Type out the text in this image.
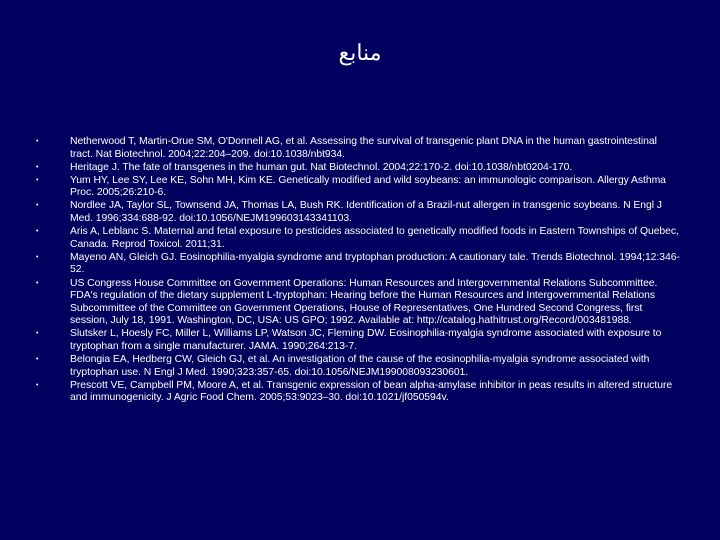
منابع
•	Netherwood T, Martin-Orue SM, O'Donnell AG, et al. Assessing the survival of transgenic plant DNA in the human gastrointestinal tract. Nat Biotechnol. 2004;22:204–209. doi:10.1038/nbt934.
•	Heritage J. The fate of transgenes in the human gut. Nat Biotechnol. 2004;22:170-2. doi:10.1038/nbt0204-170.
•	Yum HY, Lee SY, Lee KE, Sohn MH, Kim KE. Genetically modified and wild soybeans: an immunologic comparison. Allergy Asthma Proc. 2005;26:210-6.
•	Nordlee JA, Taylor SL, Townsend JA, Thomas LA, Bush RK. Identification of a Brazil-nut allergen in transgenic soybeans. N Engl J Med. 1996;334:688-92. doi:10.1056/NEJM199603143341103.
•	Aris A, Leblanc S. Maternal and fetal exposure to pesticides associated to genetically modified foods in Eastern Townships of Quebec, Canada. Reprod Toxicol. 2011;31.
•	Mayeno AN, Gleich GJ. Eosinophilia-myalgia syndrome and tryptophan production: A cautionary tale. Trends Biotechnol. 1994;12:346-52.
•	US Congress House Committee on Government Operations: Human Resources and Intergovernmental Relations Subcommittee. FDA's regulation of the dietary supplement L-tryptophan: Hearing before the Human Resources and Intergovernmental Relations Subcommittee of the Committee on Government Operations, House of Representatives, One Hundred Second Congress, first session, July 18, 1991. Washington, DC, USA: US GPO; 1992. Available at: http://catalog.hathitrust.org/Record/003481988.
•	Slutsker L, Hoesly FC, Miller L, Williams LP, Watson JC, Fleming DW. Eosinophilia-myalgia syndrome associated with exposure to tryptophan from a single manufacturer. JAMA. 1990;264:213-7.
•	Belongia EA, Hedberg CW, Gleich GJ, et al. An investigation of the cause of the eosinophilia-myalgia syndrome associated with tryptophan use. N Engl J Med. 1990;323:357-65. doi:10.1056/NEJM199008093230601.
•	Prescott VE, Campbell PM, Moore A, et al. Transgenic expression of bean alpha-amylase inhibitor in peas results in altered structure and immunogenicity. J Agric Food Chem. 2005;53:9023–30. doi:10.1021/jf050594v.
